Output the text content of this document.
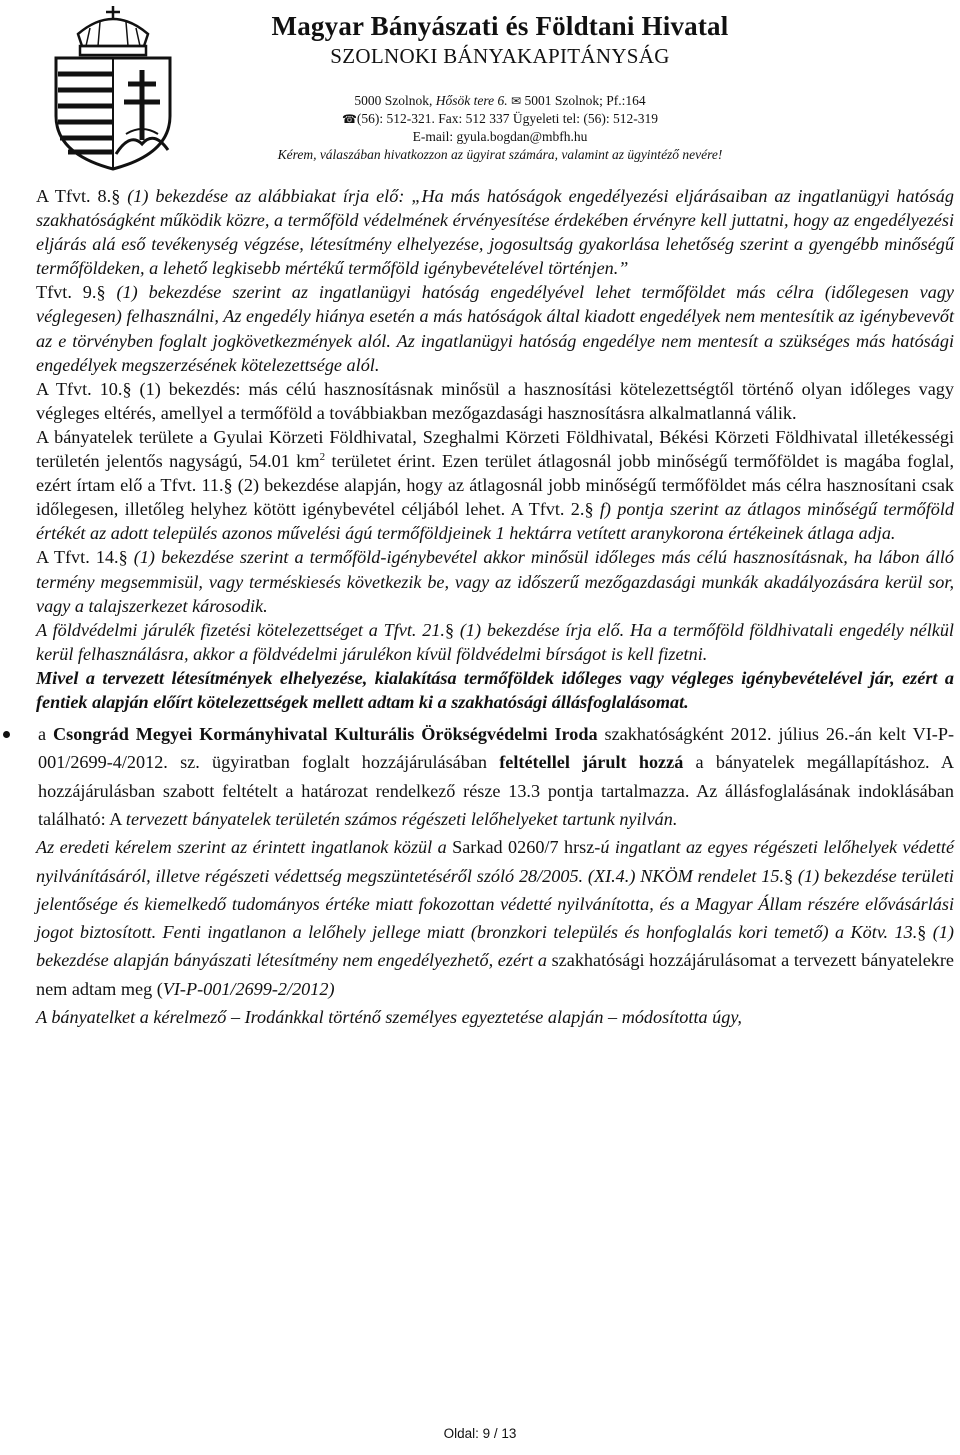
Magyar Bányászati és Földtani Hivatal
SZOLNOKI BÁNYAKAPITÁNYSÁG
5000 Szolnok, Hősök tere 6. ✉ 5001 Szolnok; Pf.:164
☎(56): 512-321. Fax: 512 337 Ügyeleti tel: (56): 512-319
E-mail: gyula.bogdan@mbfh.hu
Kérem, válaszában hivatkozzon az ügyirat számára, valamint az ügyintéző nevére!

A Tfvt. 8.§ (1) bekezdése az alábbiakat írja elő: „Ha más hatóságok engedélyezési eljárásaiban az ingatlanügyi hatóság szakhatóságként működik közre, a termőföld védelmének érvényesítése érdekében érvényre kell juttatni, hogy az engedélyezési eljárás alá eső tevékenység végzése, létesítmény elhelyezése, jogosultság gyakorlása lehetőség szerint a gyengébb minőségű termőföldeken, a lehető legkisebb mértékű termőföld igénybevételével történjen.”

Tfvt. 9.§ (1) bekezdése szerint az ingatlanügyi hatóság engedélyével lehet termőföldet más célra (időlegesen vagy véglegesen) felhasználni, Az engedély hiánya esetén a más hatóságok által kiadott engedélyek nem mentesítik az igénybevevőt az e törvényben foglalt jogkövetkezmények alól. Az ingatlanügyi hatóság engedélye nem mentesít a szükséges más hatósági engedélyek megszerzésének kötelezettsége alól.

A Tfvt. 10.§ (1) bekezdés: más célú hasznosításnak minősül a hasznosítási kötelezettségtől történő olyan időleges vagy végleges eltérés, amellyel a termőföld a továbbiakban mezőgazdasági hasznosításra alkalmatlanná válik.

A bányatelek területe a Gyulai Körzeti Földhivatal, Szeghalmi Körzeti Földhivatal, Békési Körzeti Földhivatal illetékességi területén jelentős nagyságú, 54.01 $km^2$ területet érint. Ezen terület átlagosnál jobb minőségű termőföldet is magába foglal, ezért írtam elő a Tfvt. 11.§ (2) bekezdése alapján, hogy az átlagosnál jobb minőségű termőföldet más célra hasznosítani csak időlegesen, illetőleg helyhez kötött igénybevétel céljából lehet. A Tfvt. 2.§ f) pontja szerint az átlagos minőségű termőföld értékét az adott település azonos művelési ágú termőföldjeinek 1 hektárra vetített aranykorona értékeinek átlaga adja.

A Tfvt. 14.§ (1) bekezdése szerint a termőföld-igénybevétel akkor minősül időleges más célú hasznosításnak, ha lábon álló termény megsemmisül, vagy terméskiesés következik be, vagy az időszerű mezőgazdasági munkák akadályozására kerül sor, vagy a talajszerkezet károsodik.

A földvédelmi járulék fizetési kötelezettséget a Tfvt. 21.§ (1) bekezdése írja elő. Ha a termőföld földhivatali engedély nélkül kerül felhasználásra, akkor a földvédelmi járulékon kívül földvédelmi bírságot is kell fizetni.

Mivel a tervezett létesítmények elhelyezése, kialakítása termőföldek időleges vagy végleges igénybevételével jár, ezért a fentiek alapján előírt kötelezettségek mellett adtam ki a szakhatósági állásfoglalásomat.

a Csongrád Megyei Kormányhivatal Kulturális Örökségvédelmi Iroda szakhatóságként 2012. július 26.-án kelt VI-P-001/2699-4/2012. sz. ügyiratban foglalt hozzájárulásában feltétellel járult hozzá a bányatelek megállapításhoz. A hozzájárulásban szabott feltételt a határozat rendelkező része 13.3 pontja tartalmazza. Az állásfoglalásának indoklásában található: A tervezett bányatelek területén számos régészeti lelőhelyeket tartunk nyilván.

Az eredeti kérelem szerint az érintett ingatlanok közül a Sarkad 0260/7 hrsz-ú ingatlant az egyes régészeti lelőhelyek védetté nyilvánításáról, illetve régészeti védettség megszüntetéséről szóló 28/2005. (XI.4.) NKÖM rendelet 15.§ (1) bekezdése területi jelentősége és kiemelkedő tudományos értéke miatt fokozottan védetté nyilvánította, és a Magyar Állam részére elővásárlási jogot biztosított. Fenti ingatlanon a lelőhely jellege miatt (bronzkori település és honfoglalás kori temető) a Kötv. 13.§ (1) bekezdése alapján bányászati létesítmény nem engedélyezhető, ezért a szakhatósági hozzájárulásomat a tervezett bányatelekre nem adtam meg (VI-P-001/2699-2/2012)

A bányatelket a kérelmező – Irodánkkal történő személyes egyeztetése alapján – módosította úgy,

Oldal: 9 / 13
